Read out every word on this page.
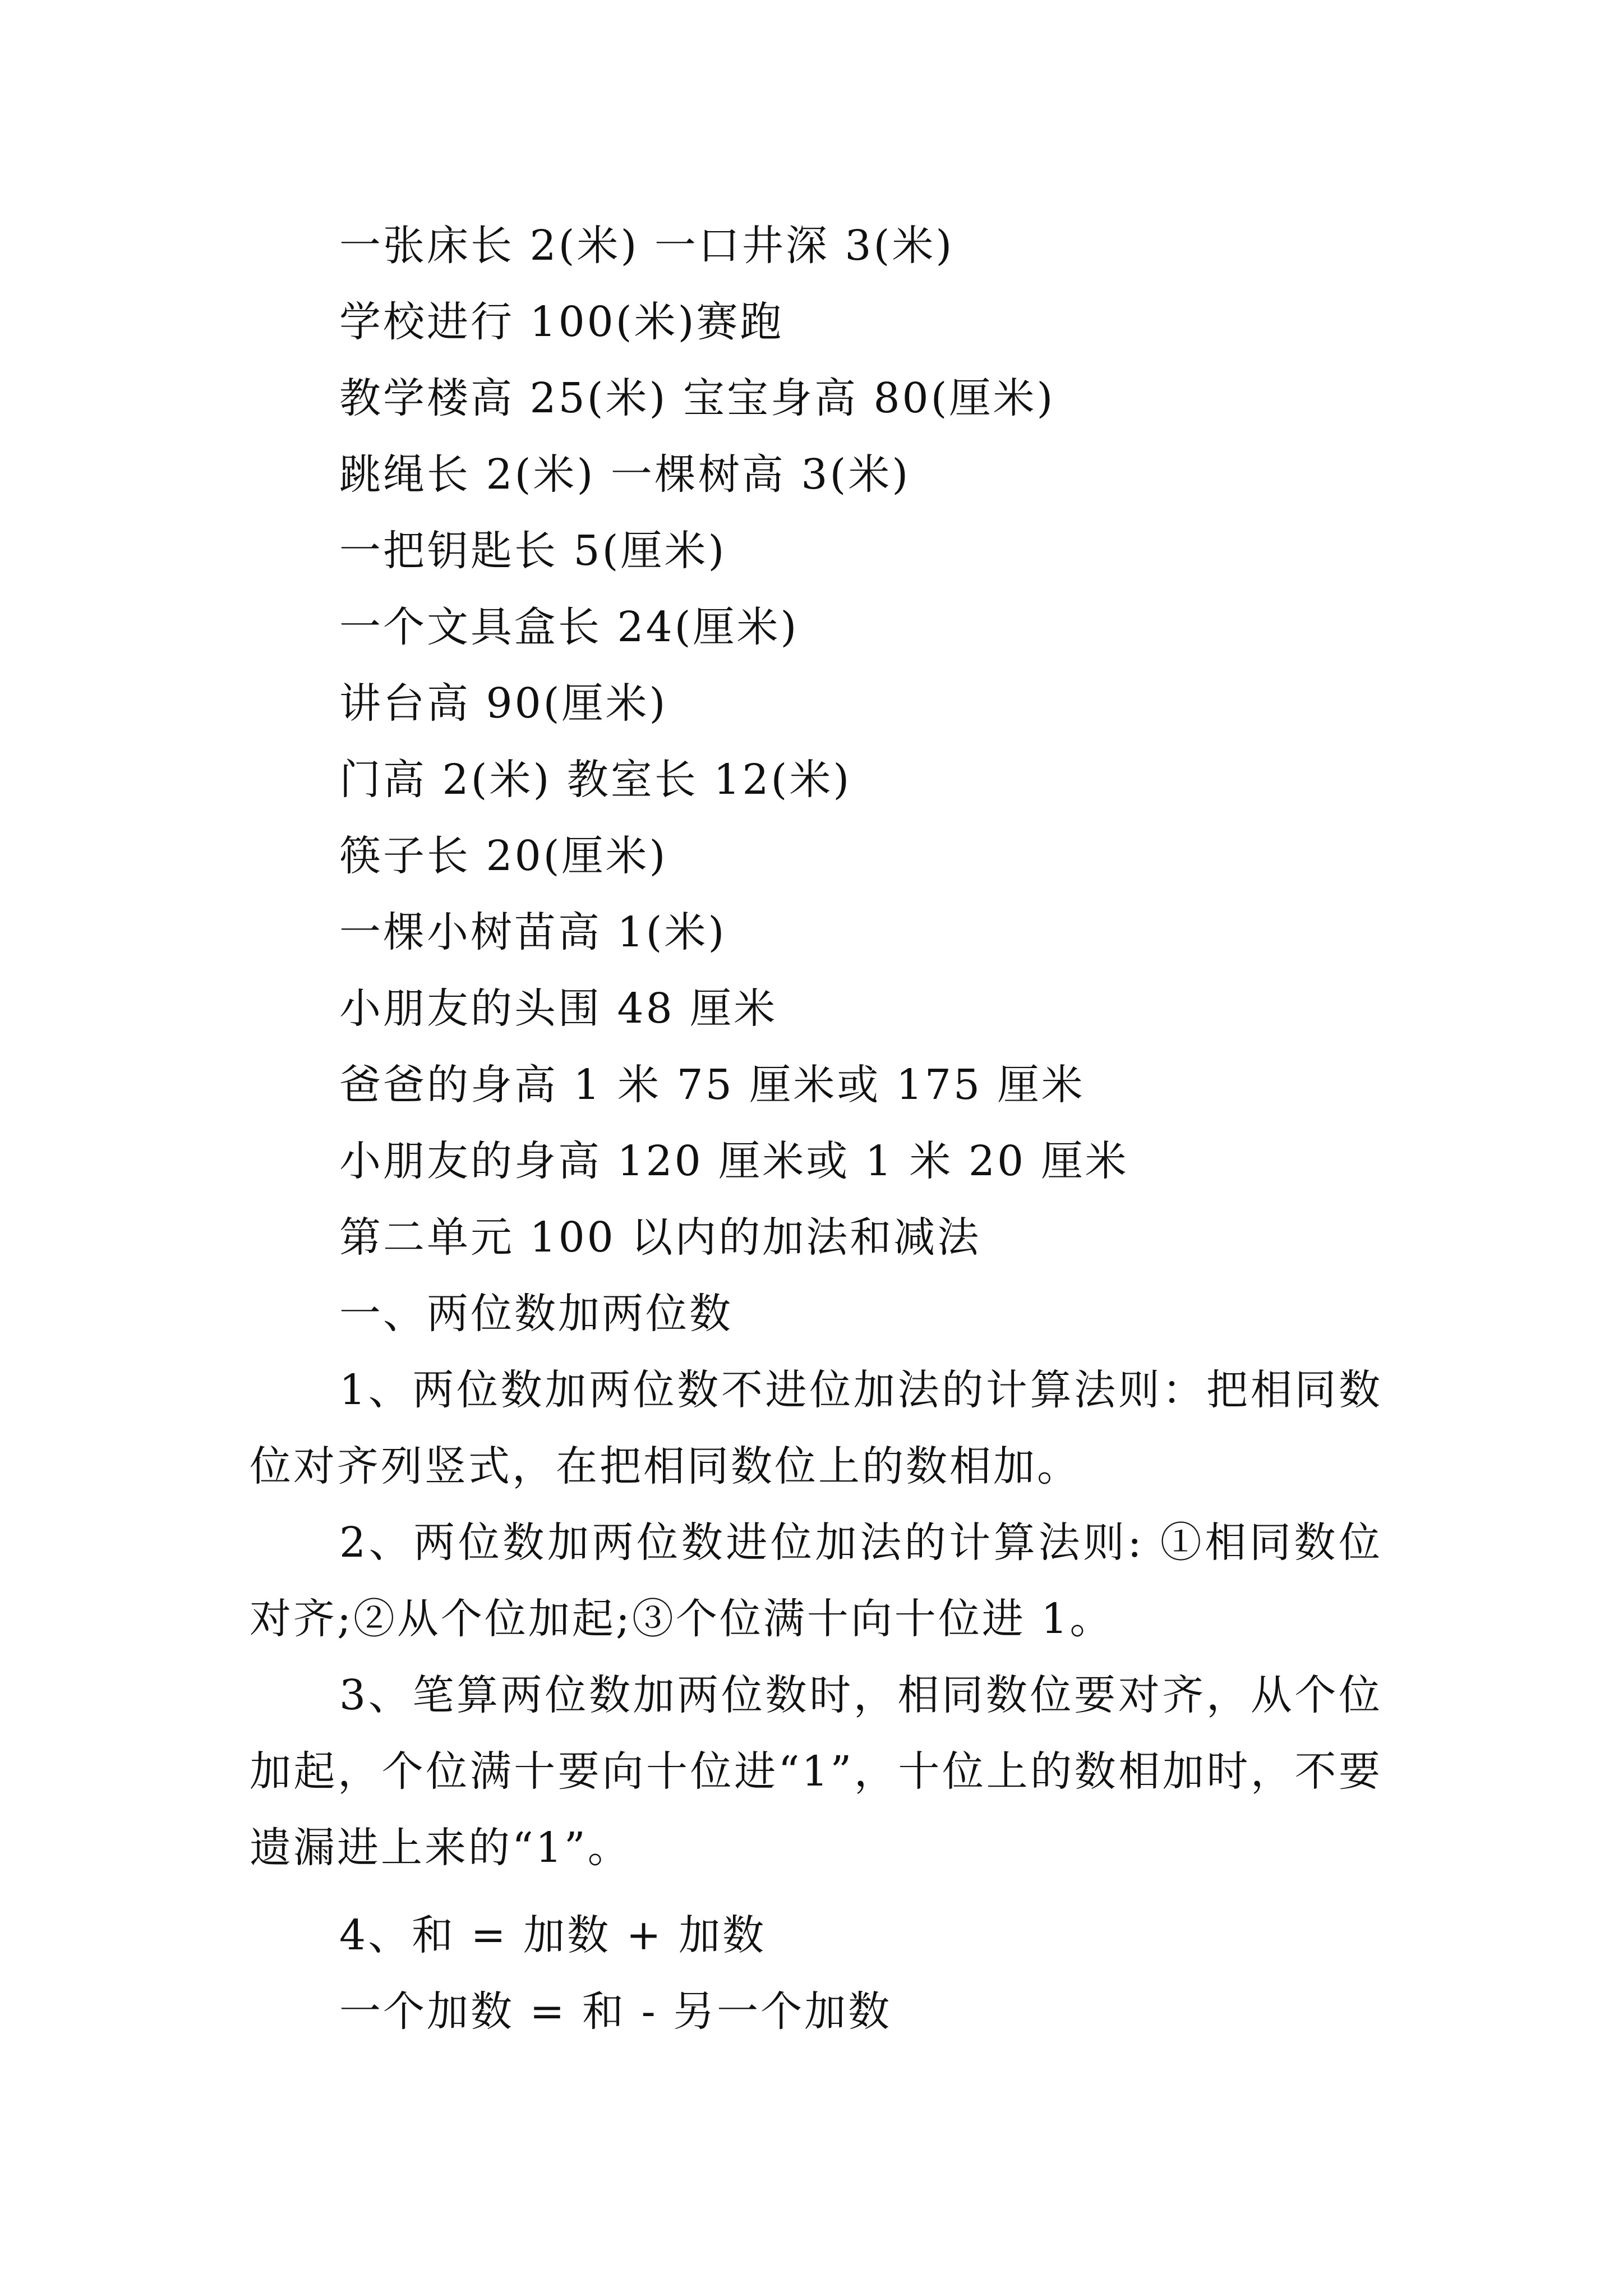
一张床长 2(米) 一口井深 3(米)
学校进行 100(米)赛跑
教学楼高 25(米) 宝宝身高 80(厘米)
跳绳长 2(米) 一棵树高 3(米)
一把钥匙长 5(厘米)
一个文具盒长 24(厘米)
讲台高 90(厘米)
门高 2(米) 教室长 12(米)
筷子长 20(厘米)
一棵小树苗高 1(米)
小朋友的头围 48 厘米
爸爸的身高 1 米 75 厘米或 175 厘米
小朋友的身高 120 厘米或 1 米 20 厘米
第二单元 100 以内的加法和减法
一、两位数加两位数

1、两位数加两位数不进位加法的计算法则：把相同数位对齐列竖式，在把相同数位上的数相加。

2、两位数加两位数进位加法的计算法则: ①相同数位对齐;②从个位加起;③个位满十向十位进 1。

3、笔算两位数加两位数时，相同数位要对齐，从个位加起，个位满十要向十位进“1”，十位上的数相加时，不要遗漏进上来的“1”。

4、和 = 加数 + 加数
一个加数 = 和 - 另一个加数
